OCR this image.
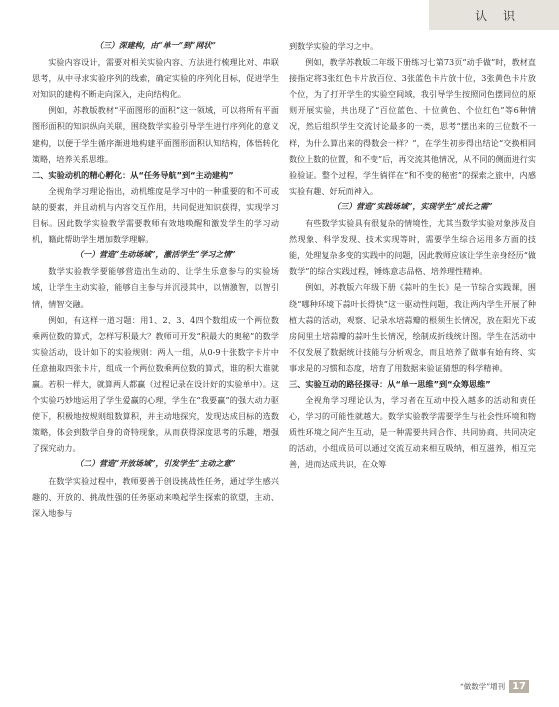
认 识
（三）深建构，由“单一”到“网状”

实验内容设计，需要对相关实验内容、方法进行梳理比对、串联思考，从中寻求实验序列的线索，确定实验的序列化目标，促进学生对知识的建构不断走向深入，走向结构化。

例如，苏教版教材“平面图形的面积”这一领域，可以将所有平面图形面积的知识纵向关联，围绕数学实验引导学生进行序列化的意义建构，以便于学生循序渐进地构建平面图形面积认知结构，体悟转化策略，培养关系思维。

二、实验动机的精心孵化：从“任务导航”到“主动建构”

全视角学习理论指出，动机维度是学习中的一种重要的和不可或缺的要素，并且动机与内容交互作用，共同促进知识获得，实现学习目标。因此数学实验教学需要教师有效地唤醒和激发学生的学习动机，籍此帮助学生增加数学理解。

（一）营造“生动场域”，激活学生“学习之情”

数学实验教学要能够营造出生动的、让学生乐意参与的实验场域，让学生主动实验，能够自主参与并沉浸其中，以情激智，以智引情，情智交融。

例如，有这样一道习题：用1、2、3、4四个数组成一个两位数乘两位数的算式，怎样写积最大？教师可开发“积最大的奥秘”的数学实验活动，设计如下的实验规则：两人一组，从0-9十张数字卡片中任意抽取四张卡片，组成一个两位数乘两位数的算式，谁的积大谁就赢。若积一样大，就算两人都赢（过程记录在设计好的实验单中）。这个实验巧妙地运用了学生爱赢的心理，学生在“我要赢”的强大动力驱使下，积极地按规则组数算积，并主动地探究，发现达成目标的选数策略，体会到数学自身的奇特现象，从而获得深度思考的乐趣，增强了探究动力。

（二）营造“开放场域”，引发学生“主动之意”

在数学实验过程中，教师要善于创设挑战性任务，通过学生感兴趣的、开放的、挑战性强的任务驱动来唤起学生探索的欲望，主动、深入地参与

到数学实验的学习之中。

例如，教学苏教版二年级下册练习七第73页“动手做”时，教材直接指定将3张红色卡片放百位、3张蓝色卡片放十位，3张黄色卡片放个位，为了打开学生的实验空间域，我引导学生按照同色摆同位的原则开展实验，共出现了“百位蓝色、十位黄色、个位红色”等6种情况，然后组织学生交流讨论最多的一类，思考“摆出来的三位数不一样，为什么算出来的得数会一样？”，在学生初步得出结论“交换相同数位上数的位置，和不变”后，再交流其他情况，从不同的侧面进行实验验证。整个过程，学生徜徉在“和不变的秘密”的探索之旅中，内感实验有趣、好玩而神入。

（三）营造“实践场域”，实现学生“成长之需”

有些数学实验具有很复杂的情境性，尤其当数学实验对象涉及自然现象、科学发现、技术实现等时，需要学生综合运用多方面的技能，处理复杂多变的实践中的问题，因此教师应该让学生亲身经历“做数学”的综合实践过程，锤炼意志品格、培养理性精神。

例如，苏教版六年级下册《蒜叶的生长》是一节综合实践课，围绕“哪种环境下蒜叶长得快”这一驱动性问题，我让两内学生开展了种植大蒜的活动，观察、记录水培蒜瓣的根须生长情况，放在阳光下或房间里土培蒜瓣的蒜叶生长情况，绘制成折线统计图。学生在活动中不仅发展了数据统计技能与分析观念，而且培养了做事有始有终、实事求是的习惯和态度，培育了用数据来验证猜想的科学精神。

三、实验互动的路径探寻：从“单一思维”到“众筹思维”

全视角学习理论认为，学习者在互动中投入越多的活动和责任心，学习的可能性就越大。数学实验教学需要学生与社会性环境和物质性环境之间产生互动，是一种需要共同合作、共同协商、共同决定的活动，小组成员可以通过交流互动来相互吸纳，相互滋养，相互完善，进而达成共识，在众筹

“做数学”增刊 17
